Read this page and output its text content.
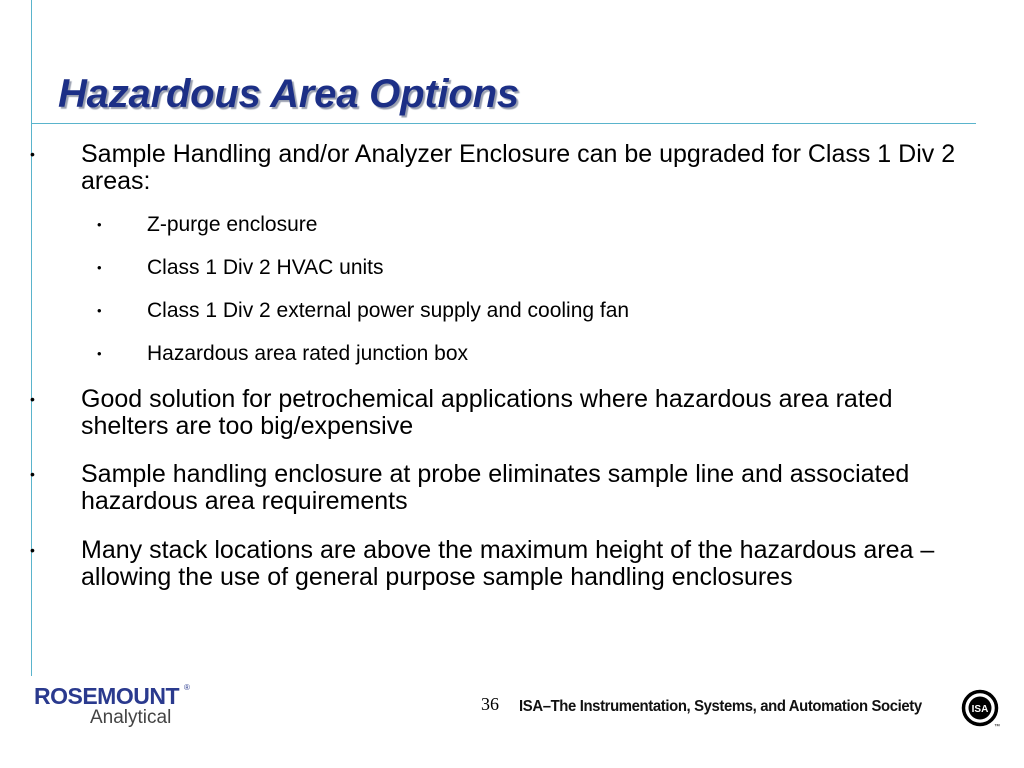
Hazardous Area Options
• Sample Handling and/or Analyzer Enclosure can be upgraded for Class 1 Div 2 areas:
• Z-purge enclosure
• Class 1 Div 2 HVAC units
• Class 1 Div 2 external power supply and cooling fan
• Hazardous area rated junction box
• Good solution for petrochemical applications where hazardous area rated shelters are too big/expensive
• Sample handling enclosure at probe eliminates sample line and associated hazardous area requirements
• Many stack locations are above the maximum height of the hazardous area – allowing the use of general purpose sample handling enclosures
ROSEMOUNT ®
Analytical
36 ISA–The Instrumentation, Systems, and Automation Society	ISA
™
